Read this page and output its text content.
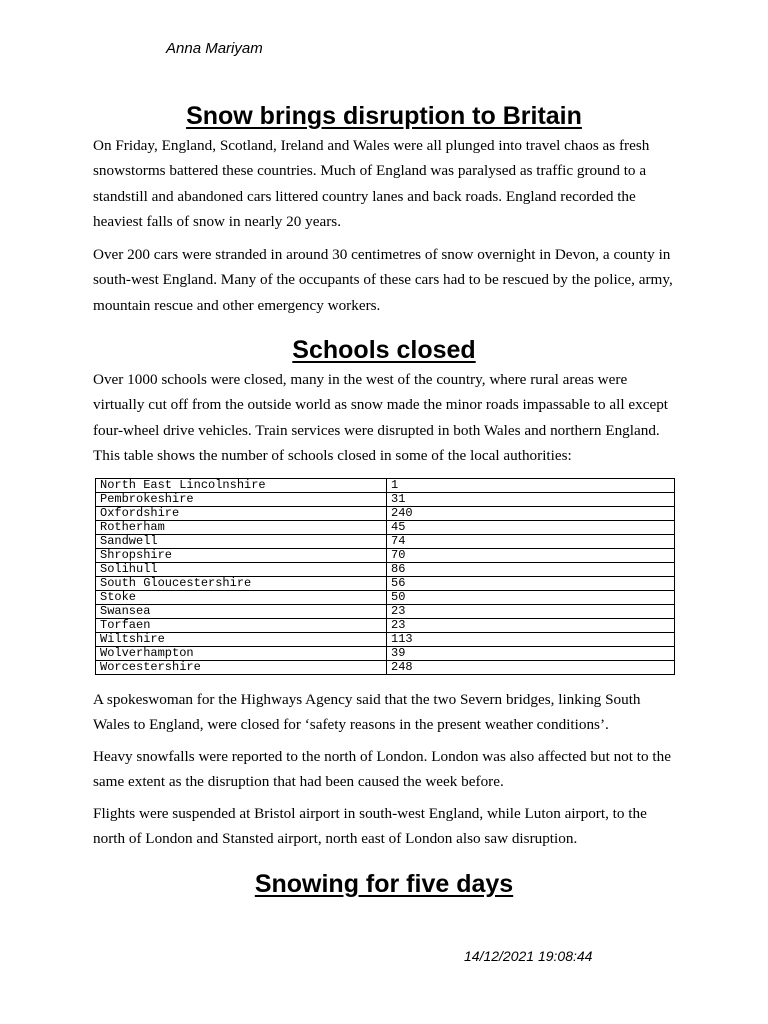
Anna Mariyam
Snow brings disruption to Britain

On Friday, England, Scotland, Ireland and Wales were all plunged into travel chaos as fresh snowstorms battered these countries. Much of England was paralysed as traffic ground to a standstill and abandoned cars littered country lanes and back roads. England recorded the heaviest falls of snow in nearly 20 years.

Over 200 cars were stranded in around 30 centimetres of snow overnight in Devon, a county in south-west England. Many of the occupants of these cars had to be rescued by the police, army, mountain rescue and other emergency workers.

Schools closed

Over 1000 schools were closed, many in the west of the country, where rural areas were virtually cut off from the outside world as snow made the minor roads impassable to all except four-wheel drive vehicles. Train services were disrupted in both Wales and northern England. This table shows the number of schools closed in some of the local authorities:

North East Lincolnshire	1
Pembrokeshire	31
Oxfordshire	240
Rotherham	45
Sandwell	74
Shropshire	70
Solihull	86
South Gloucestershire	56
Stoke	50
Swansea	23
Torfaen	23
Wiltshire	113
Wolverhampton	39
Worcestershire	248

A spokeswoman for the Highways Agency said that the two Severn bridges, linking South Wales to England, were closed for ‘safety reasons in the present weather conditions’.

Heavy snowfalls were reported to the north of London. London was also affected but not to the same extent as the disruption that had been caused the week before.

Flights were suspended at Bristol airport in south-west England, while Luton airport, to the north of London and Stansted airport, north east of London also saw disruption.

Snowing for five days
14/12/2021 19:08:44
